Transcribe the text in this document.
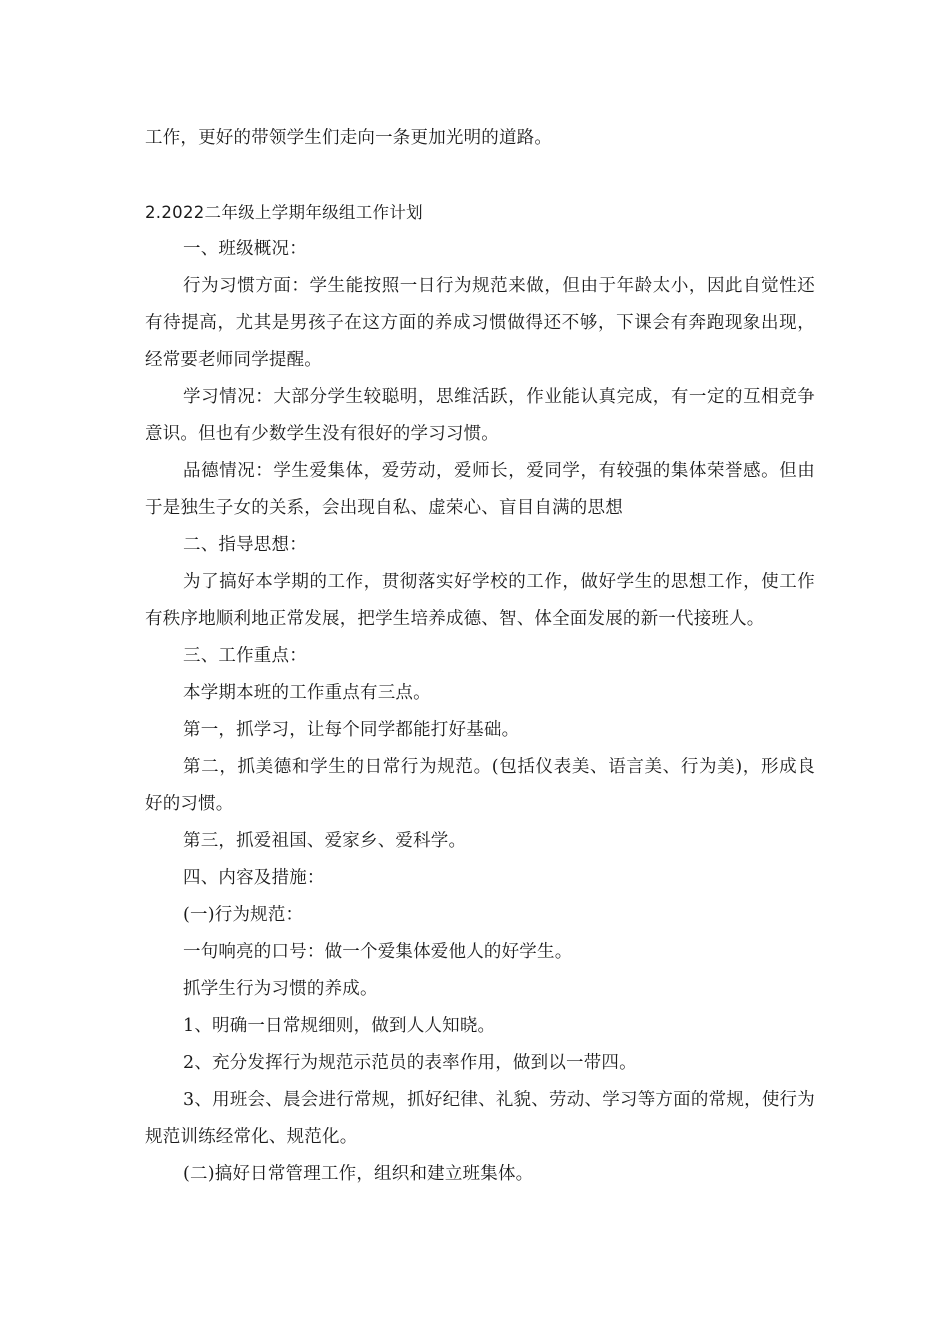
工作，更好的带领学生们走向一条更加光明的道路。

2.2022二年级上学期年级组工作计划

一、班级概况：

行为习惯方面：学生能按照一日行为规范来做，但由于年龄太小，因此自觉性还有待提高，尤其是男孩子在这方面的养成习惯做得还不够，下课会有奔跑现象出现，经常要老师同学提醒。

学习情况：大部分学生较聪明，思维活跃，作业能认真完成，有一定的互相竞争意识。但也有少数学生没有很好的学习习惯。

品德情况：学生爱集体，爱劳动，爱师长，爱同学，有较强的集体荣誉感。但由于是独生子女的关系，会出现自私、虚荣心、盲目自满的思想

二、指导思想：

为了搞好本学期的工作，贯彻落实好学校的工作，做好学生的思想工作，使工作有秩序地顺利地正常发展，把学生培养成德、智、体全面发展的新一代接班人。

三、工作重点：

本学期本班的工作重点有三点。

第一，抓学习，让每个同学都能打好基础。

第二，抓美德和学生的日常行为规范。(包括仪表美、语言美、行为美)，形成良好的习惯。

第三，抓爱祖国、爱家乡、爱科学。

四、内容及措施：

(一)行为规范：

一句响亮的口号：做一个爱集体爱他人的好学生。

抓学生行为习惯的养成。

1、明确一日常规细则，做到人人知晓。

2、充分发挥行为规范示范员的表率作用，做到以一带四。

3、用班会、晨会进行常规，抓好纪律、礼貌、劳动、学习等方面的常规，使行为规范训练经常化、规范化。

(二)搞好日常管理工作，组织和建立班集体。
